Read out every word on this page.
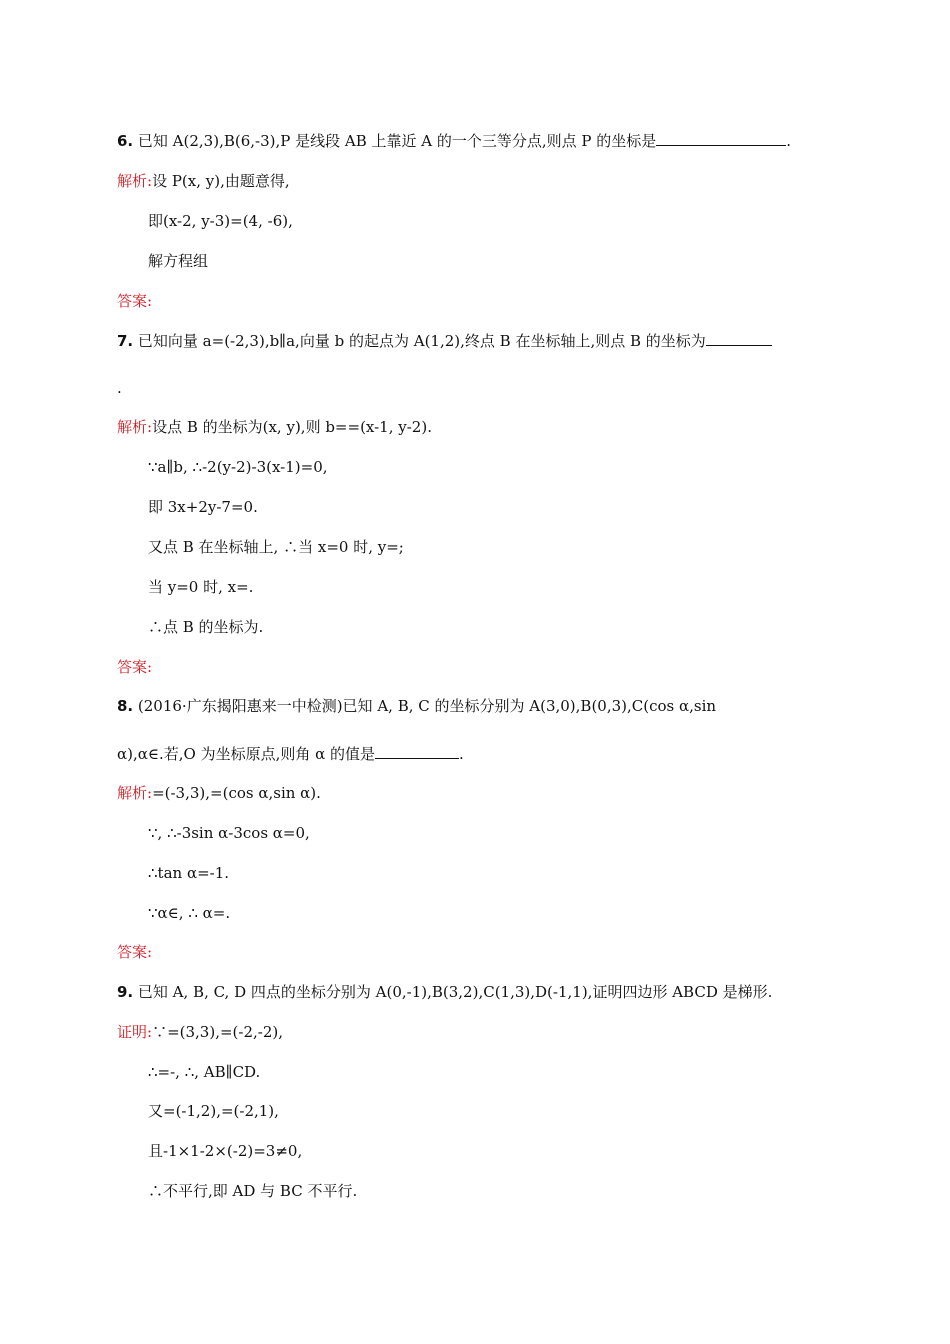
6. 已知 A(2,3),B(6,-3),P 是线段 AB 上靠近 A 的一个三等分点,则点 P 的坐标是	.
解析:设 P(x, y),由题意得,
即(x-2, y-3)=(4, -6),
解方程组
答案:
7. 已知向量 a=(-2,3),b∥a,向量 b 的起点为 A(1,2),终点 B 在坐标轴上,则点 B 的坐标为
.
解析:设点 B 的坐标为(x, y),则 b==(x-1, y-2).
∵a∥b, ∴-2(y-2)-3(x-1)=0,
即 3x+2y-7=0.
又点 B 在坐标轴上, ∴当 x=0 时, y=;
当 y=0 时, x=.
∴点 B 的坐标为.
答案:
8. (2016·广东揭阳惠来一中检测)已知 A, B, C 的坐标分别为 A(3,0),B(0,3),C(cos α,sin
α),α∈.若,O 为坐标原点,则角 α 的值是	.
解析:=(-3,3),=(cos α,sin α).
∵, ∴-3sin α-3cos α=0,
∴tan α=-1.
∵α∈, ∴ α=.
答案:
9. 已知 A, B, C, D 四点的坐标分别为 A(0,-1),B(3,2),C(1,3),D(-1,1),证明四边形 ABCD 是梯形.
证明:∵=(3,3),=(-2,-2),
∴=-, ∴, AB∥CD.
又=(-1,2),=(-2,1),
且-1×1-2×(-2)=3≠0,
∴不平行,即 AD 与 BC 不平行.
